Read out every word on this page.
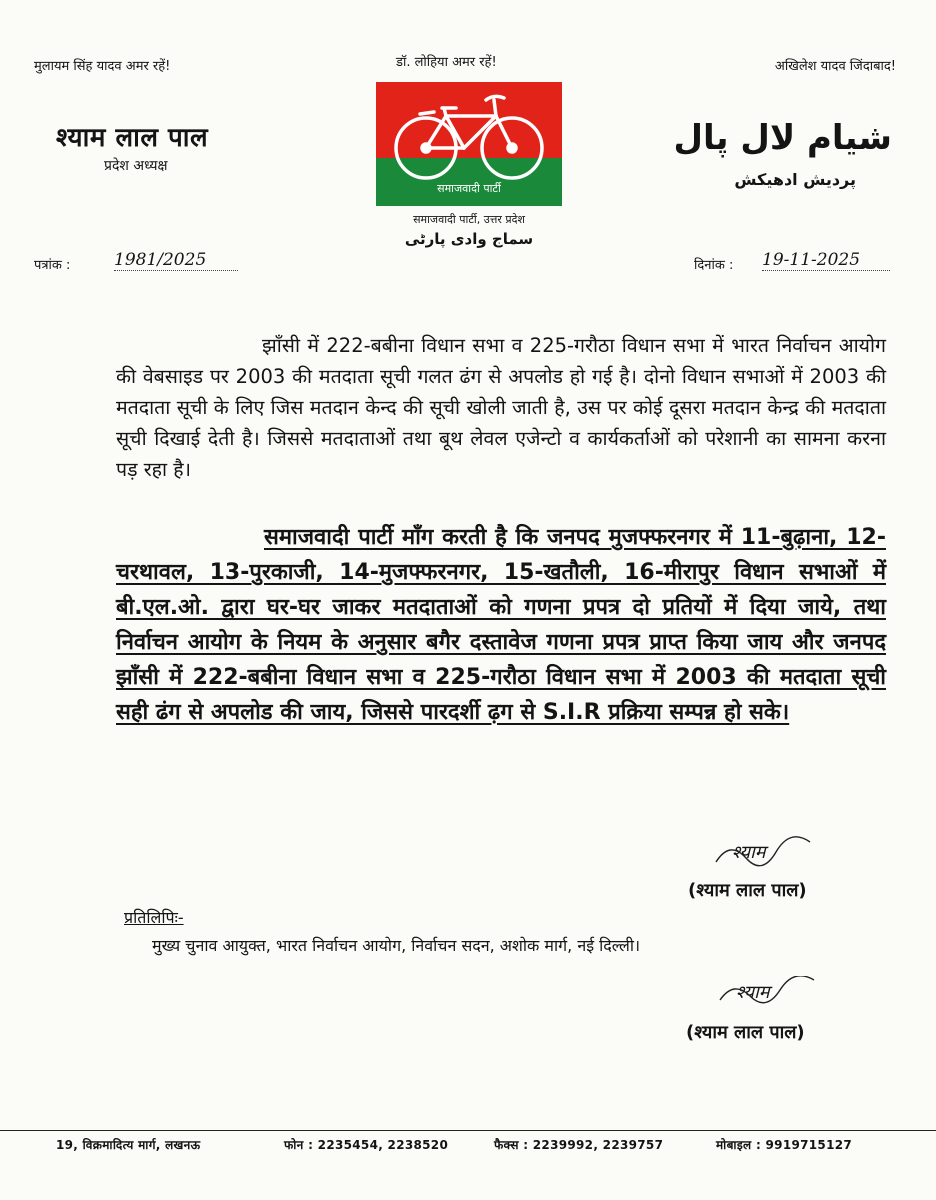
मुलायम सिंह यादव अमर रहें!	डॉ. लोहिया अमर रहें!	अखिलेश यादव जिंदाबाद!
श्याम लाल पाल
प्रदेश अध्यक्ष
شیام لال پال
پردیش ادھیکش
समाजवादी पार्टी
समाजवादी पार्टी, उत्तर प्रदेश
سماج وادی پارٹی
पत्रांक :	1981/2025	दिनांक : 19-11-2025
झाँसी में 222-बबीना विधान सभा व 225-गरौठा विधान सभा में भारत निर्वाचन आयोग की वेबसाइड पर 2003 की मतदाता सूची गलत ढंग से अपलोड हो गई है। दोनो विधान सभाओं में 2003 की मतदाता सूची के लिए जिस मतदान केन्द की सूची खोली जाती है, उस पर कोई दूसरा मतदान केन्द्र की मतदाता सूची दिखाई देती है। जिससे मतदाताओं तथा बूथ लेवल एजेन्टो व कार्यकर्ताओं को परेशानी का सामना करना पड़ रहा है।
समाजवादी पार्टी माँग करती है कि जनपद मुजफ्फरनगर में 11-बुढ़ाना, 12-चरथावल, 13-पुरकाजी, 14-मुजफ्फरनगर, 15-खतौली, 16-मीरापुर विधान सभाओं में बी.एल.ओ. द्वारा घर-घर जाकर मतदाताओं को गणना प्रपत्र दो प्रतियों में दिया जाये, तथा निर्वाचन आयोग के नियम के अनुसार बगैर दस्तावेज गणना प्रपत्र प्राप्त किया जाय और जनपद झाँसी में 222-बबीना विधान सभा व 225-गरौठा विधान सभा में 2003 की मतदाता सूची सही ढंग से अपलोड की जाय, जिससे पारदर्शी ढ़ग से S.I.R प्रक्रिया सम्पन्न हो सके।
श्याम
(श्याम लाल पाल)
प्रतिलिपिः-
मुख्य चुनाव आयुक्त, भारत निर्वाचन आयोग, निर्वाचन सदन, अशोक मार्ग, नई दिल्ली।
श्याम
(श्याम लाल पाल)
19, विक्रमादित्य मार्ग, लखनऊ	फोन : 2235454, 2238520	फैक्स : 2239992, 2239757	मोबाइल : 9919715127
